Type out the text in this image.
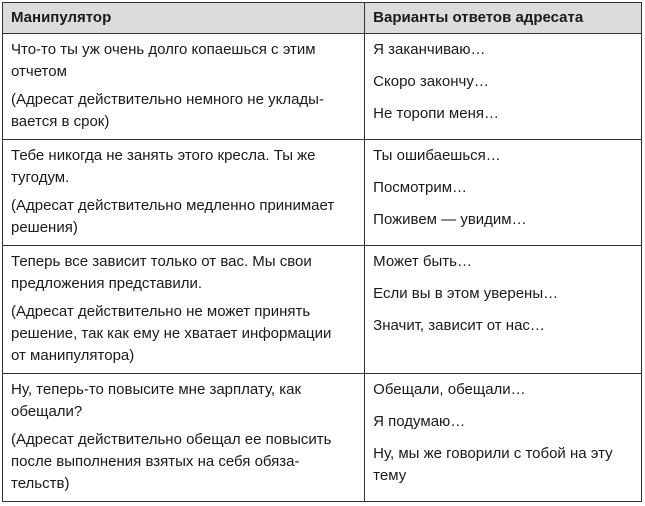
Манипулятор	Варианты ответов адресата

Что-то ты уж очень долго копаешься с этим
отчетом
(Адресат действительно немного не уклады-
вается в срок)	Я заканчиваю…
Скоро закончу…
Не торопи меня…

Тебе никогда не занять этого кресла. Ты же
тугодум.
(Адресат действительно медленно принимает
решения)	Ты ошибаешься…
Посмотрим…
Поживем — увидим…

Теперь все зависит только от вас. Мы свои
предложения представили.
(Адресат действительно не может принять
решение, так как ему не хватает информации
от манипулятора)	Может быть…
Если вы в этом уверены…
Значит, зависит от нас…

Ну, теперь-то повысите мне зарплату, как
обещали?
(Адресат действительно обещал ее повысить
после выполнения взятых на себя обяза-
тельств)	Обещали, обещали…
Я подумаю…
Ну, мы же говорили с тобой на эту
тему
